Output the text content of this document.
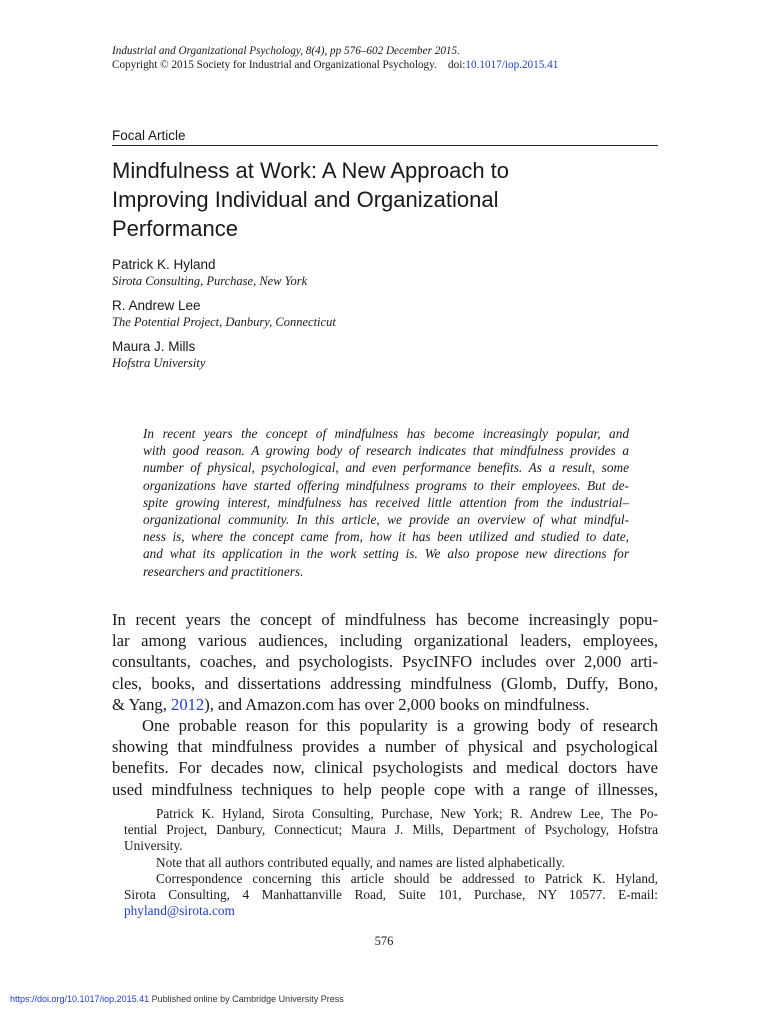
Industrial and Organizational Psychology, 8(4), pp 576–602 December 2015.
Copyright © 2015 Society for Industrial and Organizational Psychology. doi:10.1017/iop.2015.41
Focal Article
Mindfulness at Work: A New Approach to
Improving Individual and Organizational
Performance
Patrick K. Hyland
Sirota Consulting, Purchase, New York
R. Andrew Lee
The Potential Project, Danbury, Connecticut
Maura J. Mills
Hofstra University

In recent years the concept of mindfulness has become increasingly popular, and
with good reason. A growing body of research indicates that mindfulness provides a
number of physical, psychological, and even performance benefits. As a result, some
organizations have started offering mindfulness programs to their employees. But de-
spite growing interest, mindfulness has received little attention from the industrial–
organizational community. In this article, we provide an overview of what mindful-
ness is, where the concept came from, how it has been utilized and studied to date,
and what its application in the work setting is. We also propose new directions for
researchers and practitioners.

In recent years the concept of mindfulness has become increasingly popu-
lar among various audiences, including organizational leaders, employees,
consultants, coaches, and psychologists. PsycINFO includes over 2,000 arti-
cles, books, and dissertations addressing mindfulness (Glomb, Duffy, Bono,
& Yang, 2012), and Amazon.com has over 2,000 books on mindfulness.
One probable reason for this popularity is a growing body of research
showing that mindfulness provides a number of physical and psychological
benefits. For decades now, clinical psychologists and medical doctors have
used mindfulness techniques to help people cope with a range of illnesses,
Patrick K. Hyland, Sirota Consulting, Purchase, New York; R. Andrew Lee, The Po-
tential Project, Danbury, Connecticut; Maura J. Mills, Department of Psychology, Hofstra
University.
Note that all authors contributed equally, and names are listed alphabetically.
Correspondence concerning this article should be addressed to Patrick K. Hyland,
Sirota Consulting, 4 Manhattanville Road, Suite 101, Purchase, NY 10577. E-mail:
phyland@sirota.com
576
https://doi.org/10.1017/iop.2015.41 Published online by Cambridge University Press
